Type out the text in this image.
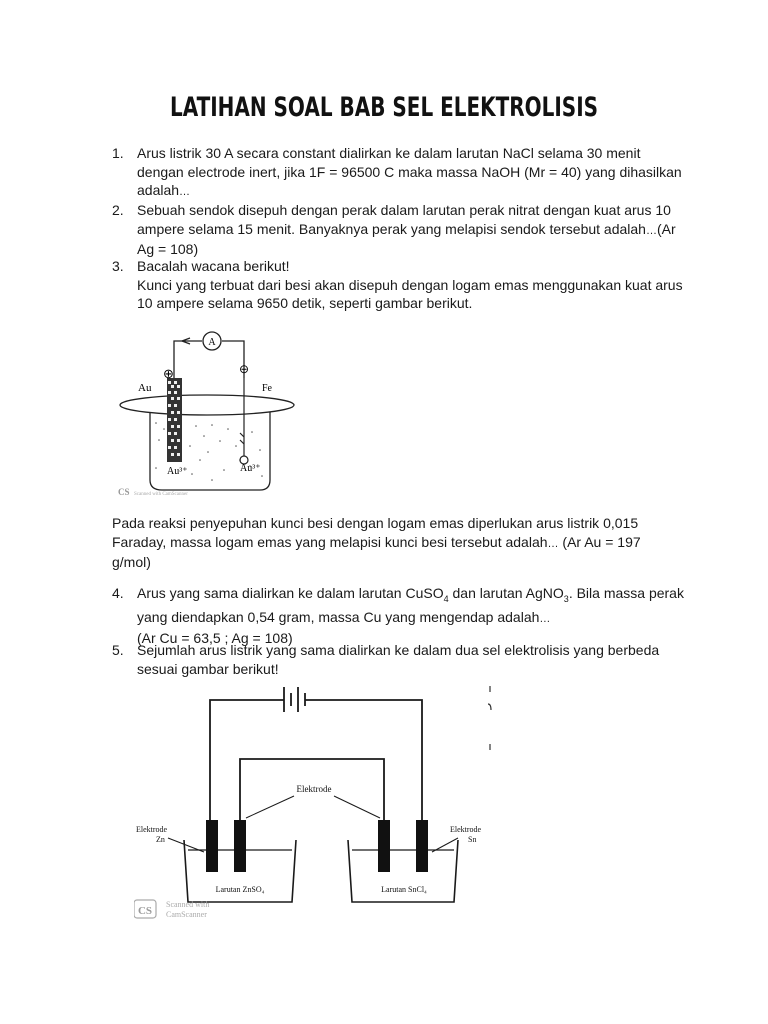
LATIHAN SOAL BAB SEL ELEKTROLISIS
1. Arus listrik 30 A secara constant dialirkan ke dalam larutan NaCl selama 30 menit
dengan electrode inert, jika 1F = 96500 C maka massa NaOH (Mr = 40) yang dihasilkan
adalah…
2. Sebuah sendok disepuh dengan perak dalam larutan perak nitrat dengan kuat arus 10
ampere selama 15 menit. Banyaknya perak yang melapisi sendok tersebut adalah…(Ar
Ag = 108)
3. Bacalah wacana berikut!
Kunci yang terbuat dari besi akan disepuh dengan logam emas menggunakan kuat arus
10 ampere selama 9650 detik, seperti gambar berikut.
A
⊕	⊖
Au	Fe
Au³⁺	Au³⁺
CS Scanned with CamScanner
Pada reaksi penyepuhan kunci besi dengan logam emas diperlukan arus listrik 0,015
Faraday, massa logam emas yang melapisi kunci besi tersebut adalah… (Ar Au = 197
g/mol)
4. Arus yang sama dialirkan ke dalam larutan CuSO$_4$ dan larutan AgNO$_3$. Bila massa perak
yang diendapkan 0,54 gram, massa Cu yang mengendap adalah…
(Ar Cu = 63,5 ; Ag = 108)
5. Sejumlah arus listrik yang sama dialirkan ke dalam dua sel elektrolisis yang berbeda
sesuai gambar berikut!
Elektrode
Elektrode
Zn
Elektrode
Sn
Larutan ZnSO₄	Larutan SnCl₄
CS
Scanned with
CamScanner
